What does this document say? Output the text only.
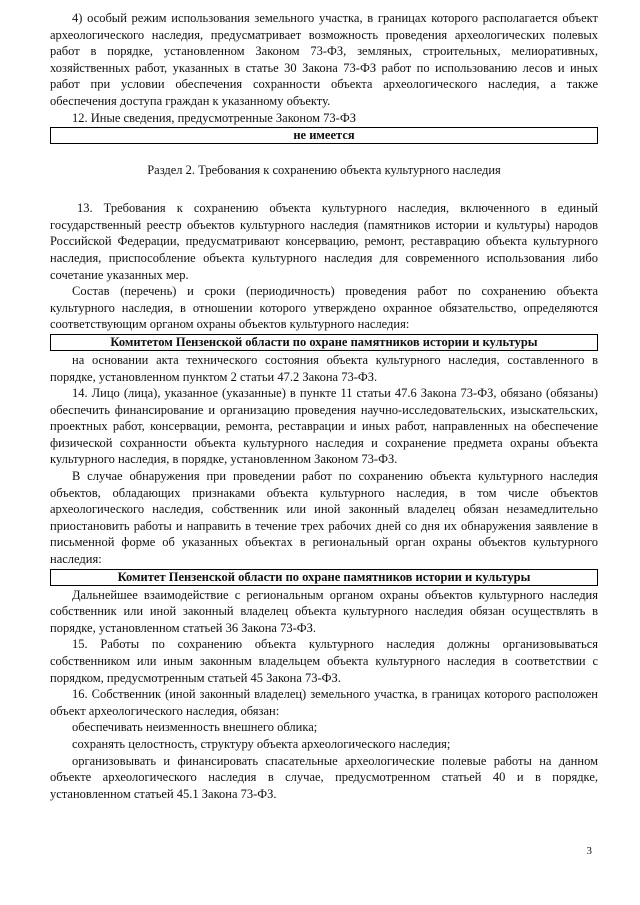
4) особый режим использования земельного участка, в границах которого располагается объект археологического наследия, предусматривает возможность проведения археологических полевых работ в порядке, установленном Законом 73-ФЗ, земляных, строительных, мелиоративных, хозяйственных работ, указанных в статье 30 Закона 73-ФЗ работ по использованию лесов и иных работ при условии обеспечения сохранности объекта археологического наследия, а также обеспечения доступа граждан к указанному объекту.

12. Иные сведения, предусмотренные Законом 73-ФЗ

не имеется
Раздел 2. Требования к сохранению объекта культурного наследия

13. Требования к сохранению объекта культурного наследия, включенного в единый государственный реестр объектов культурного наследия (памятников истории и культуры) народов Российской Федерации, предусматривают консервацию, ремонт, реставрацию объекта культурного наследия, приспособление объекта культурного наследия для современного использования либо сочетание указанных мер.

Состав (перечень) и сроки (периодичность) проведения работ по сохранению объекта культурного наследия, в отношении которого утверждено охранное обязательство, определяются соответствующим органом охраны объектов культурного наследия:

Комитетом Пензенской области по охране памятников истории и культуры

на основании акта технического состояния объекта культурного наследия, составленного в порядке, установленном пунктом 2 статьи 47.2 Закона 73-ФЗ.

14. Лицо (лица), указанное (указанные) в пункте 11 статьи 47.6 Закона 73-ФЗ, обязано (обязаны) обеспечить финансирование и организацию проведения научно-исследовательских, изыскательских, проектных работ, консервации, ремонта, реставрации и иных работ, направленных на обеспечение физической сохранности объекта культурного наследия и сохранение предмета охраны объекта культурного наследия, в порядке, установленном Законом 73-ФЗ.

В случае обнаружения при проведении работ по сохранению объекта культурного наследия объектов, обладающих признаками объекта культурного наследия, в том числе объектов археологического наследия, собственник или иной законный владелец обязан незамедлительно приостановить работы и направить в течение трех рабочих дней со дня их обнаружения заявление в письменной форме об указанных объектах в региональный орган охраны объектов культурного наследия:

Комитет Пензенской области по охране памятников истории и культуры

Дальнейшее взаимодействие с региональным органом охраны объектов культурного наследия собственник или иной законный владелец объекта культурного наследия обязан осуществлять в порядке, установленном статьей 36 Закона 73-ФЗ.

15. Работы по сохранению объекта культурного наследия должны организовываться собственником или иным законным владельцем объекта культурного наследия в соответствии с порядком, предусмотренным статьей 45 Закона 73-ФЗ.

16. Собственник (иной законный владелец) земельного участка, в границах которого расположен объект археологического наследия, обязан:

обеспечивать неизменность внешнего облика;

сохранять целостность, структуру объекта археологического наследия;

организовывать и финансировать спасательные археологические полевые работы на данном объекте археологического наследия в случае, предусмотренном статьей 40 и в порядке, установленном статьей 45.1 Закона 73-ФЗ.

3
